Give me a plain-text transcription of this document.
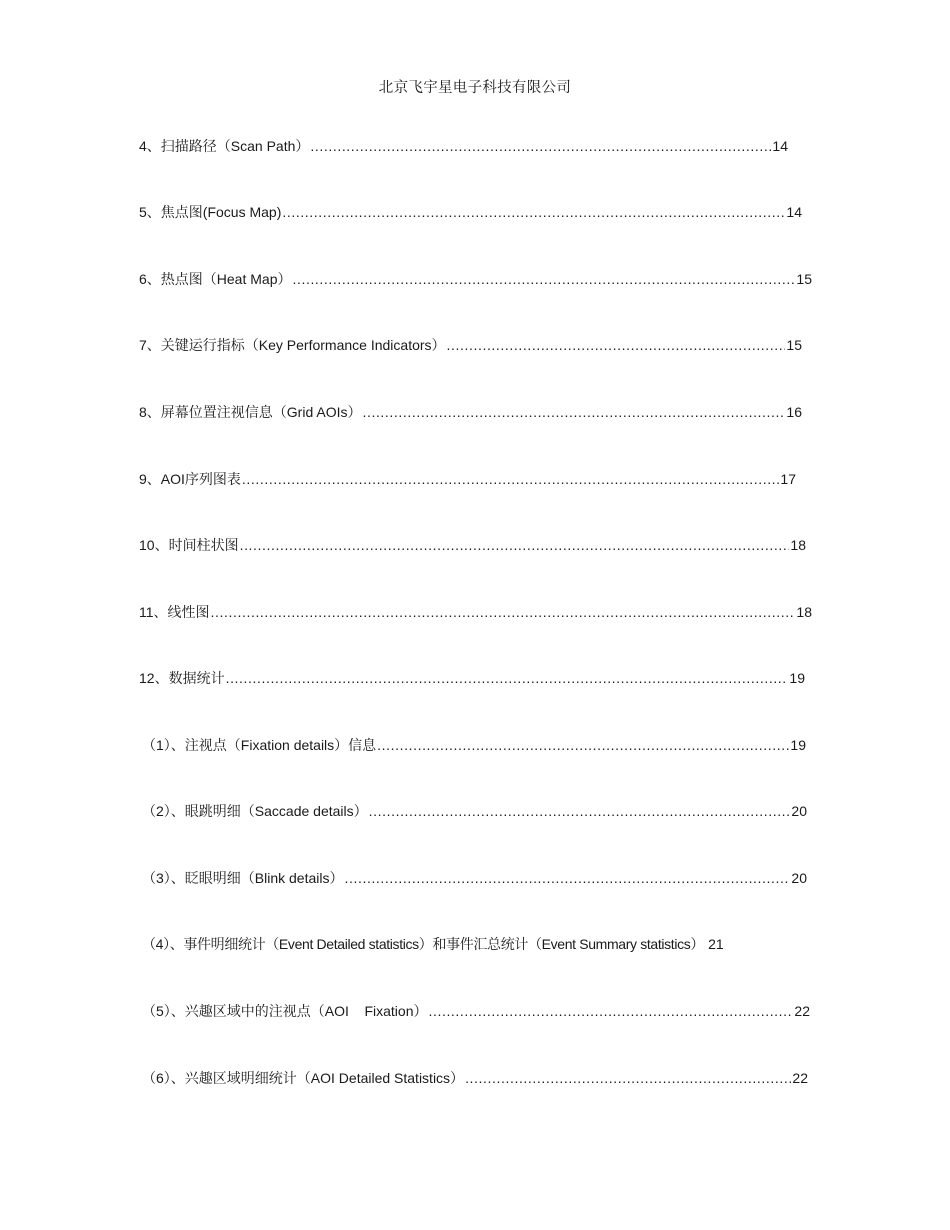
北京飞宇星电子科技有限公司
4、扫描路径（Scan Path） .....	14
5、焦点图(Focus Map) .....	14
6、热点图（Heat Map） .....	15
7、关键运行指标（Key Performance Indicators） .....	15
8、屏幕位置注视信息（Grid AOIs） .....	16
9、AOI序列图表 .....	17
10、时间柱状图 .....	18
11、线性图 .....	18
12、数据统计 .....	19
（1）、注视点（Fixation details）信息 .....	19
（2）、眼跳明细（Saccade details） .....	20
（3）、眨眼明细（Blink details） .....	20
（4）、事件明细统计（Event Detailed statistics）和事件汇总统计（Event Summary statistics） 21
（5）、兴趣区域中的注视点（AOI    Fixation） .....	22
（6）、兴趣区域明细统计（AOI Detailed Statistics） .....	22
